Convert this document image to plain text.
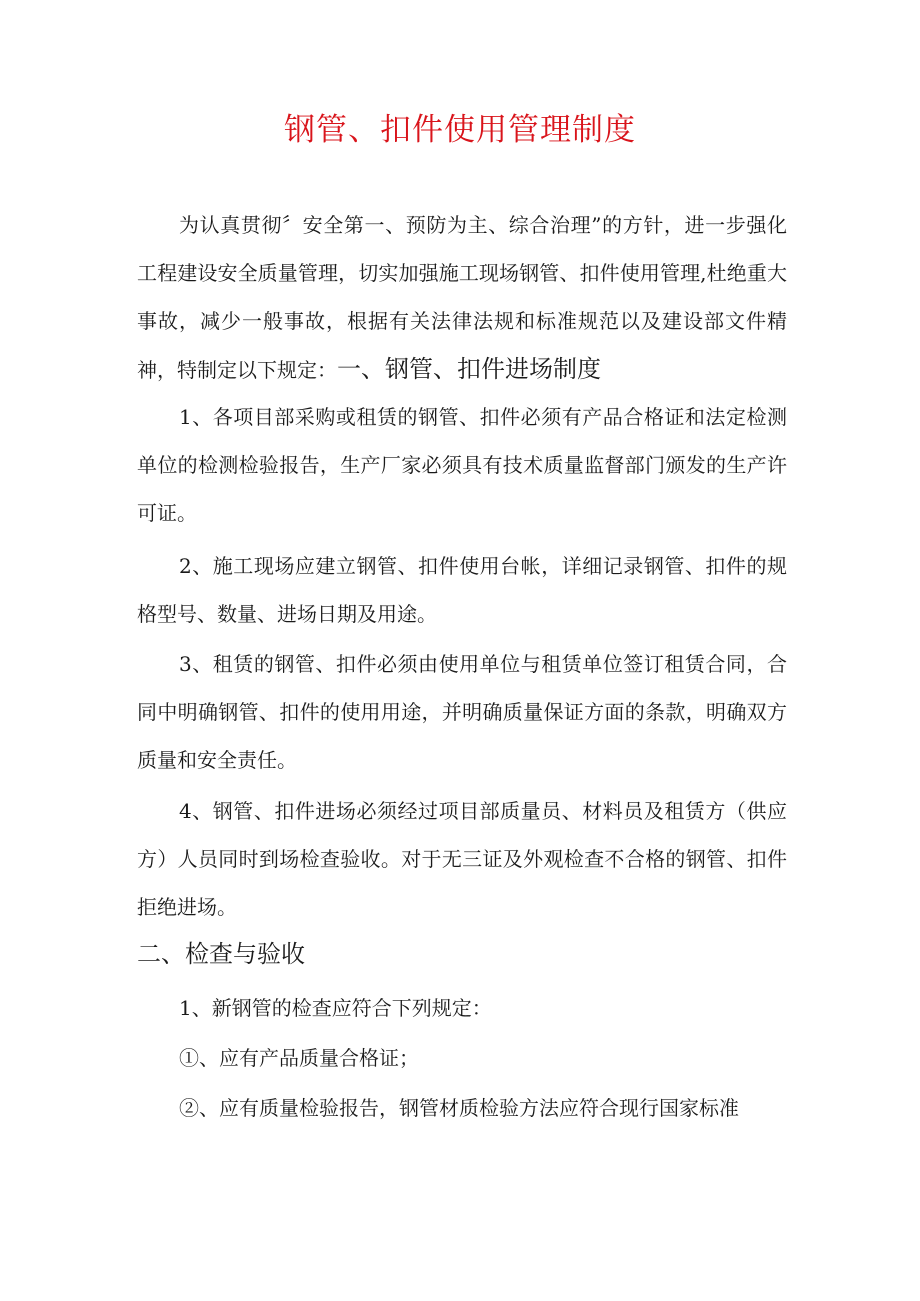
钢管、扣件使用管理制度

为认真贯彻〞安全第一、预防为主、综合治理”的方针，进一步强化工程建设安全质量管理，切实加强施工现场钢管、扣件使用管理,杜绝重大事故，减少一般事故，根据有关法律法规和标准规范以及建设部文件精神，特制定以下规定：一、钢管、扣件进场制度

1、各项目部采购或租赁的钢管、扣件必须有产品合格证和法定检测单位的检测检验报告，生产厂家必须具有技术质量监督部门颁发的生产许可证。

2、施工现场应建立钢管、扣件使用台帐，详细记录钢管、扣件的规格型号、数量、进场日期及用途。

3、租赁的钢管、扣件必须由使用单位与租赁单位签订租赁合同，合同中明确钢管、扣件的使用用途，并明确质量保证方面的条款，明确双方质量和安全责任。

4、钢管、扣件进场必须经过项目部质量员、材料员及租赁方（供应方）人员同时到场检查验收。对于无三证及外观检查不合格的钢管、扣件拒绝进场。

二、检查与验收

1、新钢管的检查应符合下列规定：

①、应有产品质量合格证；

②、应有质量检验报告，钢管材质检验方法应符合现行国家标准
